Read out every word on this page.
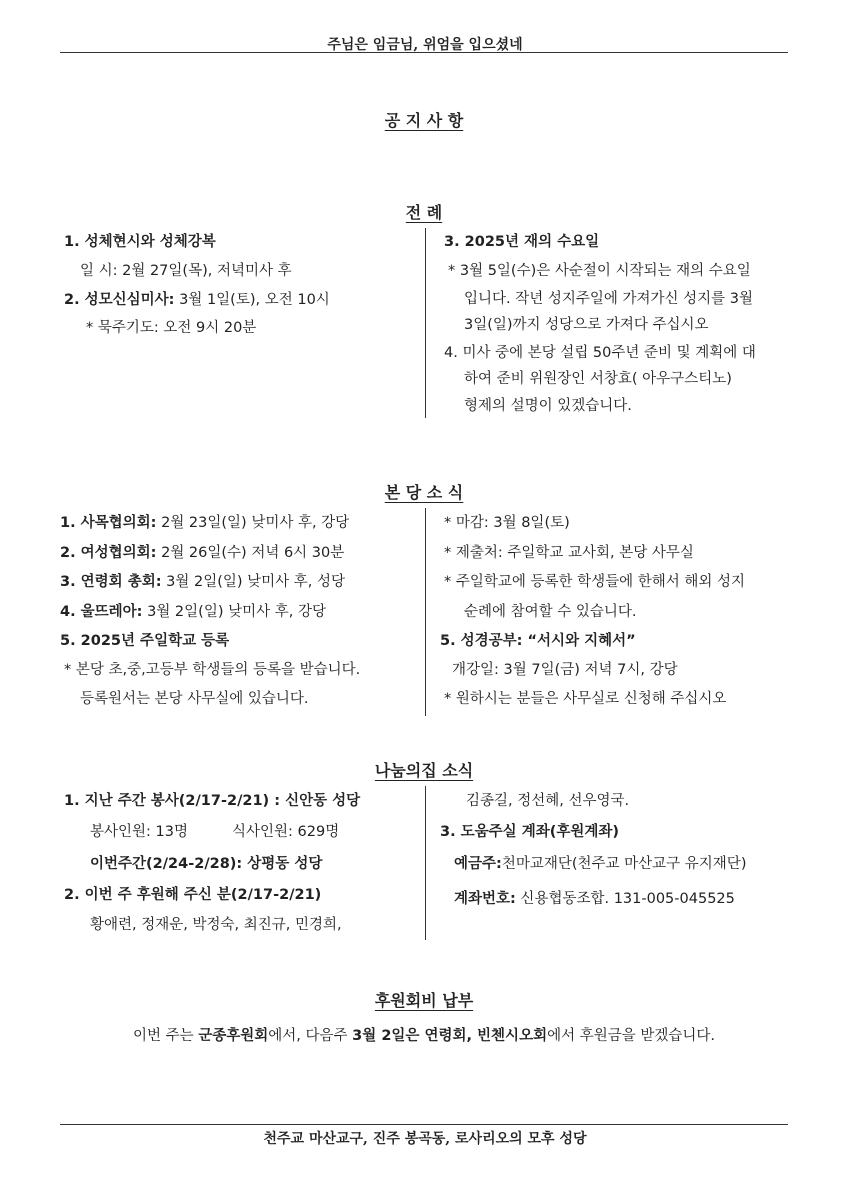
주님은 임금님, 위엄을 입으셨네
공 지 사 항
전 례
1. 성체현시와 성체강복
일 시: 2월 27일(목), 저녁미사 후
2. 성모신심미사: 3월 1일(토), 오전 10시
* 묵주기도: 오전 9시 20분
3. 2025년 재의 수요일
* 3월 5일(수)은 사순절이 시작되는 재의 수요일
입니다. 작년 성지주일에 가져가신 성지를 3월
3일(일)까지 성당으로 가져다 주십시오
4. 미사 중에 본당 설립 50주년 준비 및 계획에 대
하여 준비 위원장인 서창효( 아우구스티노)
형제의 설명이 있겠습니다.
본 당 소 식
1. 사목협의회: 2월 23일(일) 낮미사 후, 강당
2. 여성협의회: 2월 26일(수) 저녁 6시 30분
3. 연령회 총회: 3월 2일(일) 낮미사 후, 성당
4. 울뜨레아: 3월 2일(일) 낮미사 후, 강당
5. 2025년 주일학교 등록
* 본당 초,중,고등부 학생들의 등록을 받습니다.
등록원서는 본당 사무실에 있습니다.
* 마감: 3월 8일(토)
* 제출처: 주일학교 교사회, 본당 사무실
* 주일학교에 등록한 학생들에 한해서 해외 성지
순례에 참여할 수 있습니다.
5. 성경공부: “서시와 지혜서”
개강일: 3월 7일(금) 저녁 7시, 강당
* 원하시는 분들은 사무실로 신청해 주십시오
나눔의집 소식
1. 지난 주간 봉사(2/17-2/21) : 신안동 성당
봉사인원: 13명	식사인원: 629명
이번주간(2/24-2/28): 상평동 성당
2. 이번 주 후원해 주신 분(2/17-2/21)
황애련, 정재운, 박정숙, 최진규, 민경희,
김종길, 정선혜, 선우영국.
3. 도움주실 계좌(후원계좌)
예금주:천마교재단(천주교 마산교구 유지재단)
계좌번호: 신용협동조합. 131-005-045525
후원회비 납부
이번 주는 군종후원회에서, 다음주 3월 2일은 연령회, 빈첸시오회에서 후원금을 받겠습니다.
천주교 마산교구, 진주 봉곡동, 로사리오의 모후 성당
